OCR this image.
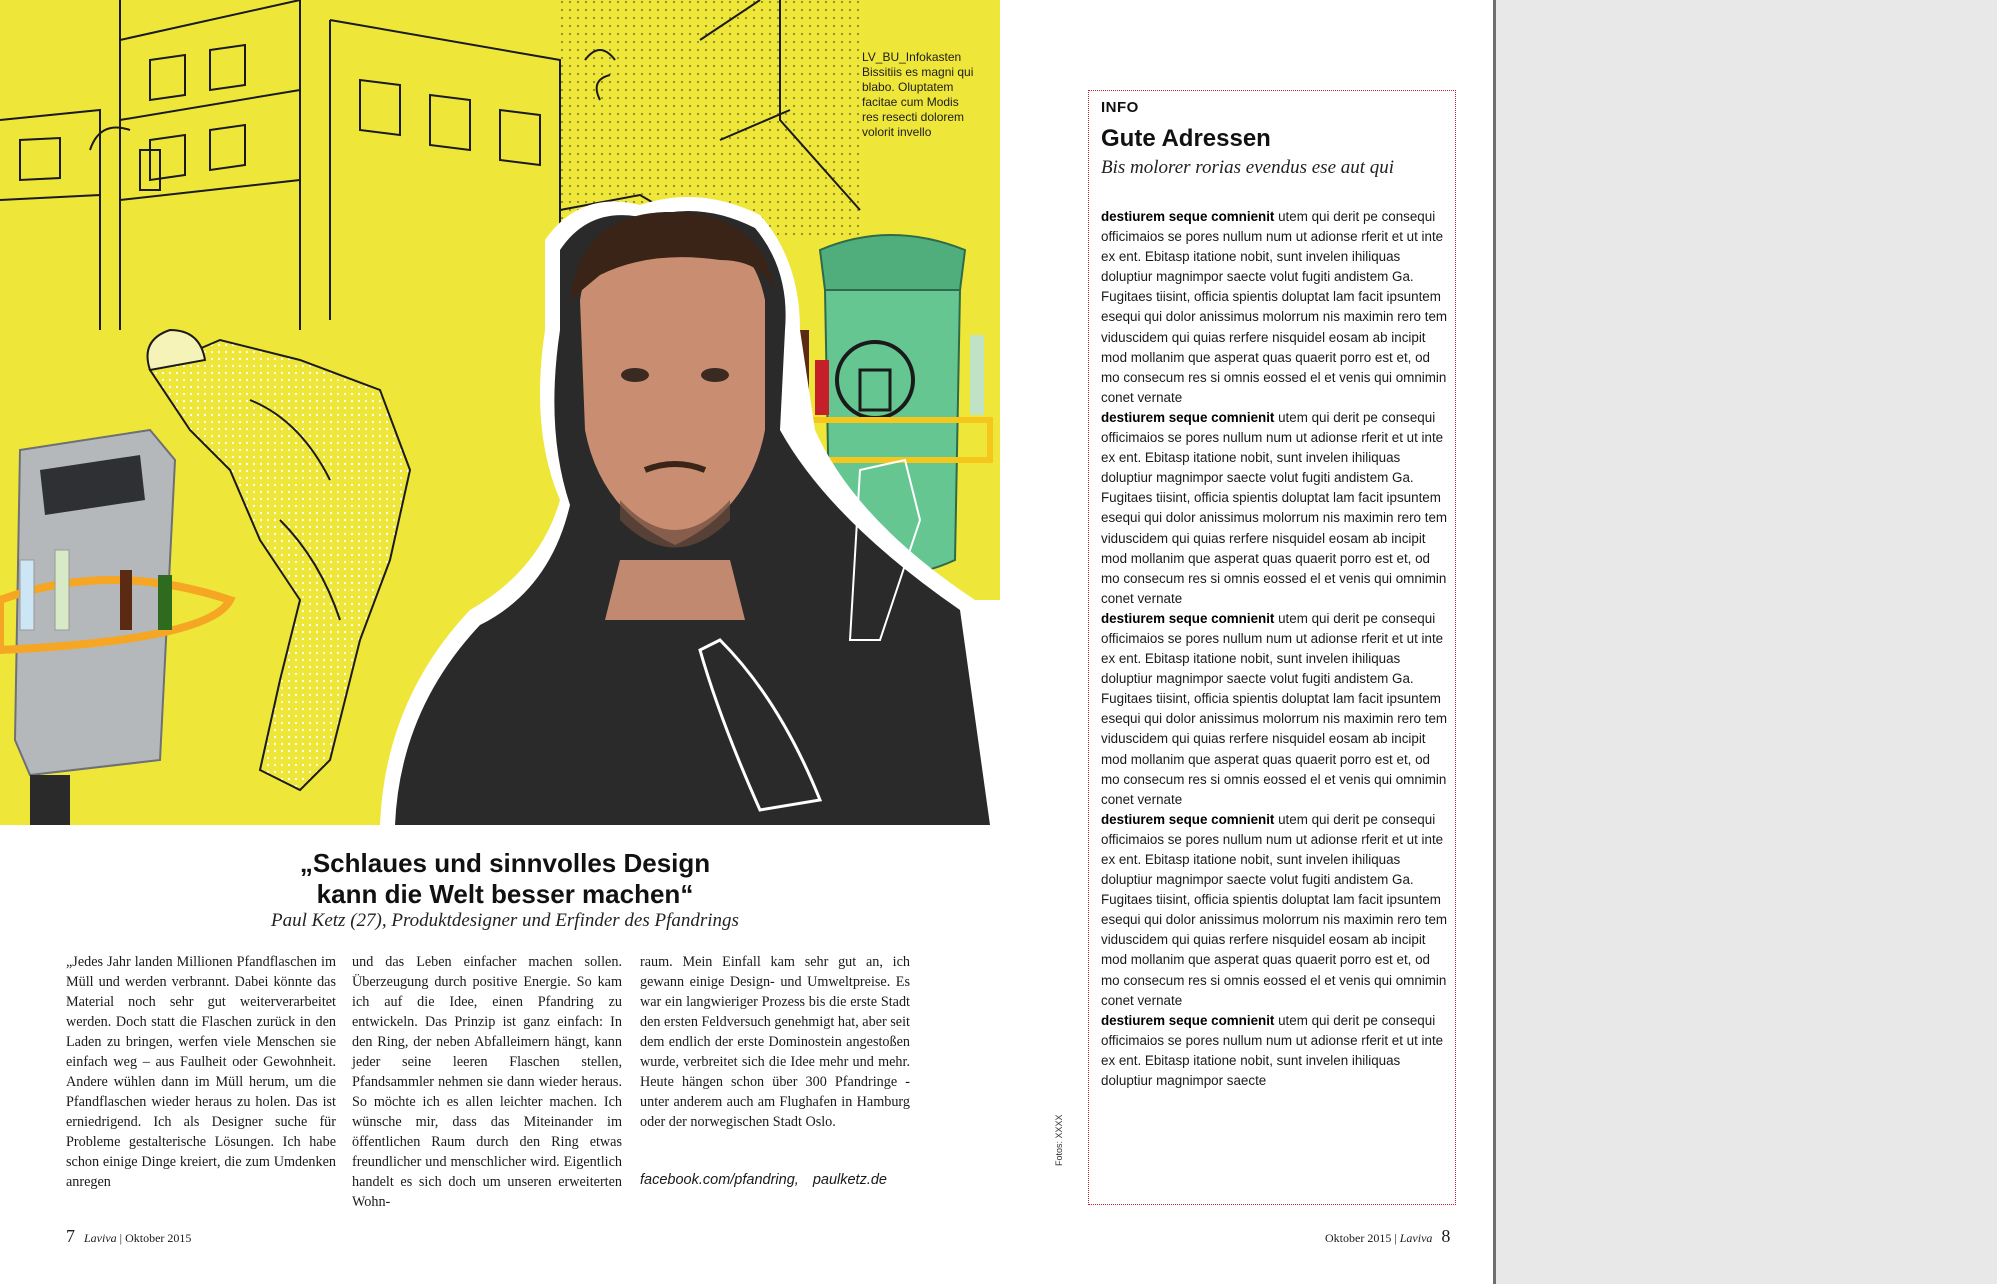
LV_BU_Infokasten
Bissitiis es magni qui
blabo. Oluptatem
facitae cum Modis
res resecti dolorem
volorit invello
„Schlaues und sinnvolles Design
kann die Welt besser machen“
Paul Ketz (27), Produktdesigner und Erfinder des Pfandrings
„Jedes Jahr landen Millionen Pfandflaschen im Müll und werden verbrannt. Dabei könnte das Material noch sehr gut weiterverarbeitet werden. Doch statt die Flaschen zurück in den Laden zu bringen, werfen viele Menschen sie einfach weg – aus Faulheit oder Gewohnheit. Andere wühlen dann im Müll herum, um die Pfandflaschen wieder heraus zu holen. Das ist erniedrigend. Ich als Designer suche für Probleme gestalterische Lösungen. Ich habe schon einige Dinge kreiert, die zum Umdenken anregen
und das Leben einfacher machen sollen. Überzeugung durch positive Energie. So kam ich auf die Idee, einen Pfandring zu entwickeln. Das Prinzip ist ganz einfach: In den Ring, der neben Abfalleimern hängt, kann jeder seine leeren Flaschen stellen, Pfandsammler nehmen sie dann wieder heraus. So möchte ich es allen leichter machen. Ich wünsche mir, dass das Miteinander im öffentlichen Raum durch den Ring etwas freundlicher und menschlicher wird. Eigentlich handelt es sich doch um unseren erweiterten Wohn-
raum. Mein Einfall kam sehr gut an, ich gewann einige Design- und Umweltpreise. Es war ein langwieriger Prozess bis die erste Stadt den ersten Feldversuch genehmigt hat, aber seit dem endlich der erste Dominostein angestoßen wurde, verbreitet sich die Idee mehr und mehr. Heute hängen schon über 300 Pfandringe - unter anderem auch am Flughafen in Hamburg oder der norwegischen Stadt Oslo.
facebook.com/pfandring, paulketz.de
7 Laviva | Oktober 2015
Fotos: XXXX
INFO
Gute Adressen
Bis molorer rorias evendus ese aut qui

destiurem seque comnienit utem qui derit pe consequi officimaios se pores nullum num ut adionse rferit et ut inte ex ent. Ebitasp itatione nobit, sunt invelen ihiliquas doluptiur magnimpor saecte volut fugiti andistem Ga. Fugitaes tiisint, officia spientis doluptat lam facit ipsuntem esequi qui dolor anissimus molorrum nis maximin rero tem viduscidem qui quias rerfere nisquidel eosam ab incipit mod mollanim que asperat quas quaerit porro est et, od mo consecum res si omnis eossed el et venis qui omnimin conet vernate

destiurem seque comnienit utem qui derit pe consequi officimaios se pores nullum num ut adionse rferit et ut inte ex ent. Ebitasp itatione nobit, sunt invelen ihiliquas doluptiur magnimpor saecte volut fugiti andistem Ga. Fugitaes tiisint, officia spientis doluptat lam facit ipsuntem esequi qui dolor anissimus molorrum nis maximin rero tem viduscidem qui quias rerfere nisquidel eosam ab incipit mod mollanim que asperat quas quaerit porro est et, od mo consecum res si omnis eossed el et venis qui omnimin conet vernate

destiurem seque comnienit utem qui derit pe consequi officimaios se pores nullum num ut adionse rferit et ut inte ex ent. Ebitasp itatione nobit, sunt invelen ihiliquas doluptiur magnimpor saecte volut fugiti andistem Ga. Fugitaes tiisint, officia spientis doluptat lam facit ipsuntem esequi qui dolor anissimus molorrum nis maximin rero tem viduscidem qui quias rerfere nisquidel eosam ab incipit mod mollanim que asperat quas quaerit porro est et, od mo consecum res si omnis eossed el et venis qui omnimin conet vernate

destiurem seque comnienit utem qui derit pe consequi officimaios se pores nullum num ut adionse rferit et ut inte ex ent. Ebitasp itatione nobit, sunt invelen ihiliquas doluptiur magnimpor saecte volut fugiti andistem Ga. Fugitaes tiisint, officia spientis doluptat lam facit ipsuntem esequi qui dolor anissimus molorrum nis maximin rero tem viduscidem qui quias rerfere nisquidel eosam ab incipit mod mollanim que asperat quas quaerit porro est et, od mo consecum res si omnis eossed el et venis qui omnimin conet vernate

destiurem seque comnienit utem qui derit pe consequi officimaios se pores nullum num ut adionse rferit et ut inte ex ent. Ebitasp itatione nobit, sunt invelen ihiliquas doluptiur magnimpor saecte

Oktober 2015 | Laviva 8
